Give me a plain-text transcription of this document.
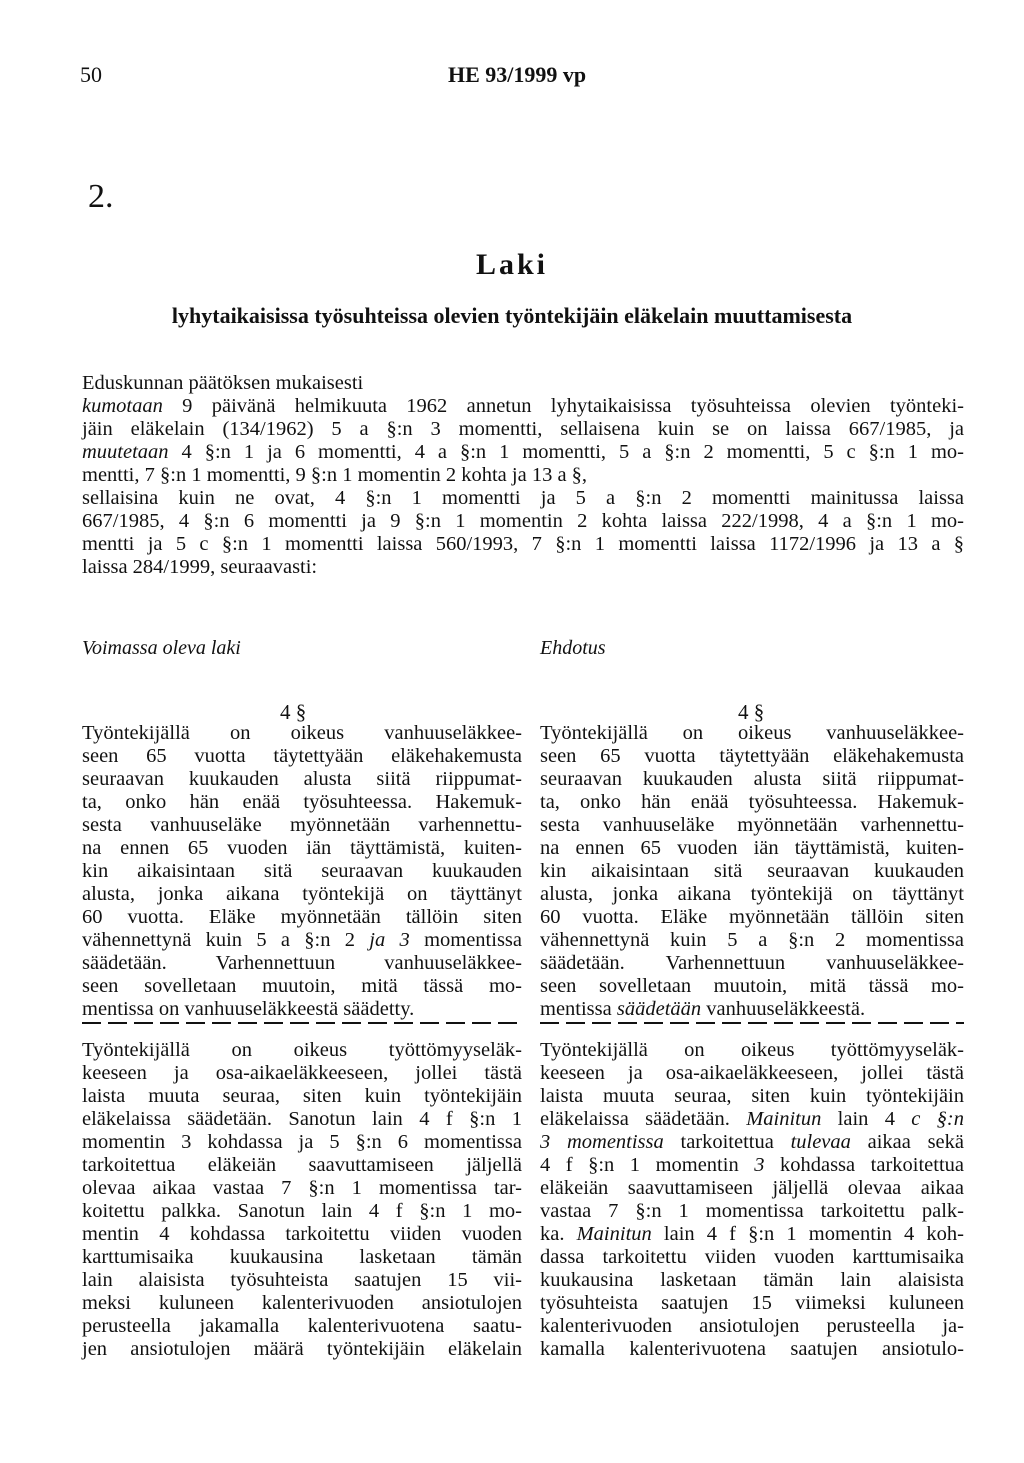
50	HE 93/1999 vp
2.
Laki
lyhytaikaisissa työsuhteissa olevien työntekijäin eläkelain muuttamisesta
Eduskunnan päätöksen mukaisesti
kumotaan 9 päivänä helmikuuta 1962 annetun lyhytaikaisissa työsuhteissa olevien työnteki-
jäin eläkelain (134/1962) 5 a §:n 3 momentti, sellaisena kuin se on laissa 667/1985, ja
muutetaan 4 §:n 1 ja 6 momentti, 4 a §:n 1 momentti, 5 a §:n 2 momentti, 5 c §:n 1 mo-
mentti, 7 §:n 1 momentti, 9 §:n 1 momentin 2 kohta ja 13 a §,
sellaisina kuin ne ovat, 4 §:n 1 momentti ja 5 a §:n 2 momentti mainitussa laissa
667/1985, 4 §:n 6 momentti ja 9 §:n 1 momentin 2 kohta laissa 222/1998, 4 a §:n 1 mo-
mentti ja 5 c §:n 1 momentti laissa 560/1993, 7 §:n 1 momentti laissa 1172/1996 ja 13 a §
laissa 284/1999, seuraavasti:
Voimassa oleva laki	Ehdotus
4 §
Työntekijällä on oikeus vanhuuseläkkee-
seen 65 vuotta täytettyään eläkehakemusta
seuraavan kuukauden alusta siitä riippumat-
ta, onko hän enää työsuhteessa. Hakemuk-
sesta vanhuuseläke myönnetään varhennettu-
na ennen 65 vuoden iän täyttämistä, kuiten-
kin aikaisintaan sitä seuraavan kuukauden
alusta, jonka aikana työntekijä on täyttänyt
60 vuotta. Eläke myönnetään tällöin siten
vähennettynä kuin 5 a §:n 2 ja 3 momentissa
säädetään. Varhennettuun vanhuuseläkkee-
seen sovelletaan muutoin, mitä tässä mo-
mentissa on vanhuuseläkkeestä säädetty.
Työntekijällä on oikeus työttömyyseläk-
keeseen ja osa-aikaeläkkeeseen, jollei tästä
laista muuta seuraa, siten kuin työntekijäin
eläkelaissa säädetään. Sanotun lain 4 f §:n 1
momentin 3 kohdassa ja 5 §:n 6 momentissa
tarkoitettua eläkeiän saavuttamiseen jäljellä
olevaa aikaa vastaa 7 §:n 1 momentissa tar-
koitettu palkka. Sanotun lain 4 f §:n 1 mo-
mentin 4 kohdassa tarkoitettu viiden vuoden
karttumisaika kuukausina lasketaan tämän
lain alaisista työsuhteista saatujen 15 vii-
meksi kuluneen kalenterivuoden ansiotulojen
perusteella jakamalla kalenterivuotena saatu-
jen ansiotulojen määrä työntekijäin eläkelain
4 §
Työntekijällä on oikeus vanhuuseläkkee-
seen 65 vuotta täytettyään eläkehakemusta
seuraavan kuukauden alusta siitä riippumat-
ta, onko hän enää työsuhteessa. Hakemuk-
sesta vanhuuseläke myönnetään varhennettu-
na ennen 65 vuoden iän täyttämistä, kuiten-
kin aikaisintaan sitä seuraavan kuukauden
alusta, jonka aikana työntekijä on täyttänyt
60 vuotta. Eläke myönnetään tällöin siten
vähennettynä kuin 5 a §:n 2 momentissa
säädetään. Varhennettuun vanhuuseläkkee-
seen sovelletaan muutoin, mitä tässä mo-
mentissa säädetään vanhuuseläkkeestä.
Työntekijällä on oikeus työttömyyseläk-
keeseen ja osa-aikaeläkkeeseen, jollei tästä
laista muuta seuraa, siten kuin työntekijäin
eläkelaissa säädetään. Mainitun lain 4 c §:n
3 momentissa tarkoitettua tulevaa aikaa sekä
4 f §:n 1 momentin 3 kohdassa tarkoitettua
eläkeiän saavuttamiseen jäljellä olevaa aikaa
vastaa 7 §:n 1 momentissa tarkoitettu palk-
ka. Mainitun lain 4 f §:n 1 momentin 4 koh-
dassa tarkoitettu viiden vuoden karttumisaika
kuukausina lasketaan tämän lain alaisista
työsuhteista saatujen 15 viimeksi kuluneen
kalenterivuoden ansiotulojen perusteella ja-
kamalla kalenterivuotena saatujen ansiotulo-
